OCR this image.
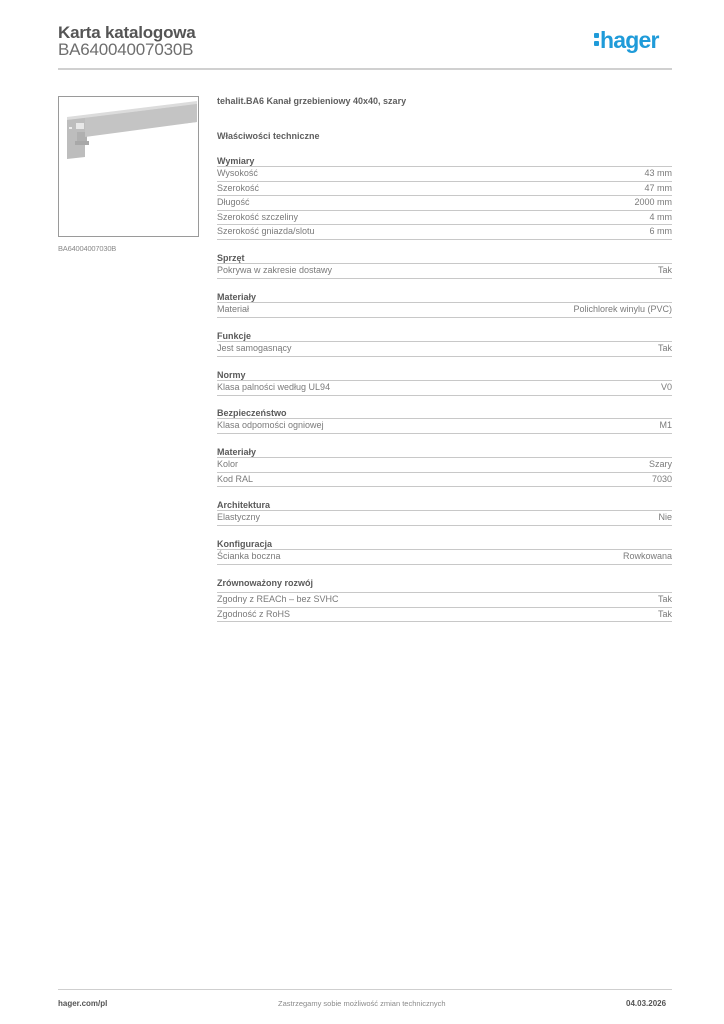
Karta katalogowa
BA64004007030B	hager
BA64004007030B
tehalit.BA6 Kanał grzebieniowy 40x40, szary
Właściwości techniczne
Wymiary
Wysokość	43 mm
Szerokość	47 mm
Długość	2000 mm
Szerokość szczeliny	4 mm
Szerokość gniazda/slotu	6 mm
Sprzęt
Pokrywa w zakresie dostawy	Tak
Materiały
Materiał	Polichlorek winylu (PVC)
Funkcje
Jest samogasnący	Tak
Normy
Klasa palności według UL94	V0
Bezpieczeństwo
Klasa odpomości ogniowej	M1
Materiały
Kolor	Szary
Kod RAL	7030
Architektura
Elastyczny	Nie
Konfiguracja
Ścianka boczna	Rowkowana
Zrównoważony rozwój
Zgodny z REACh – bez SVHC	Tak
Zgodność z RoHS	Tak
hager.com/pl	Zastrzegamy sobie możliwość zmian technicznych	04.03.2026
